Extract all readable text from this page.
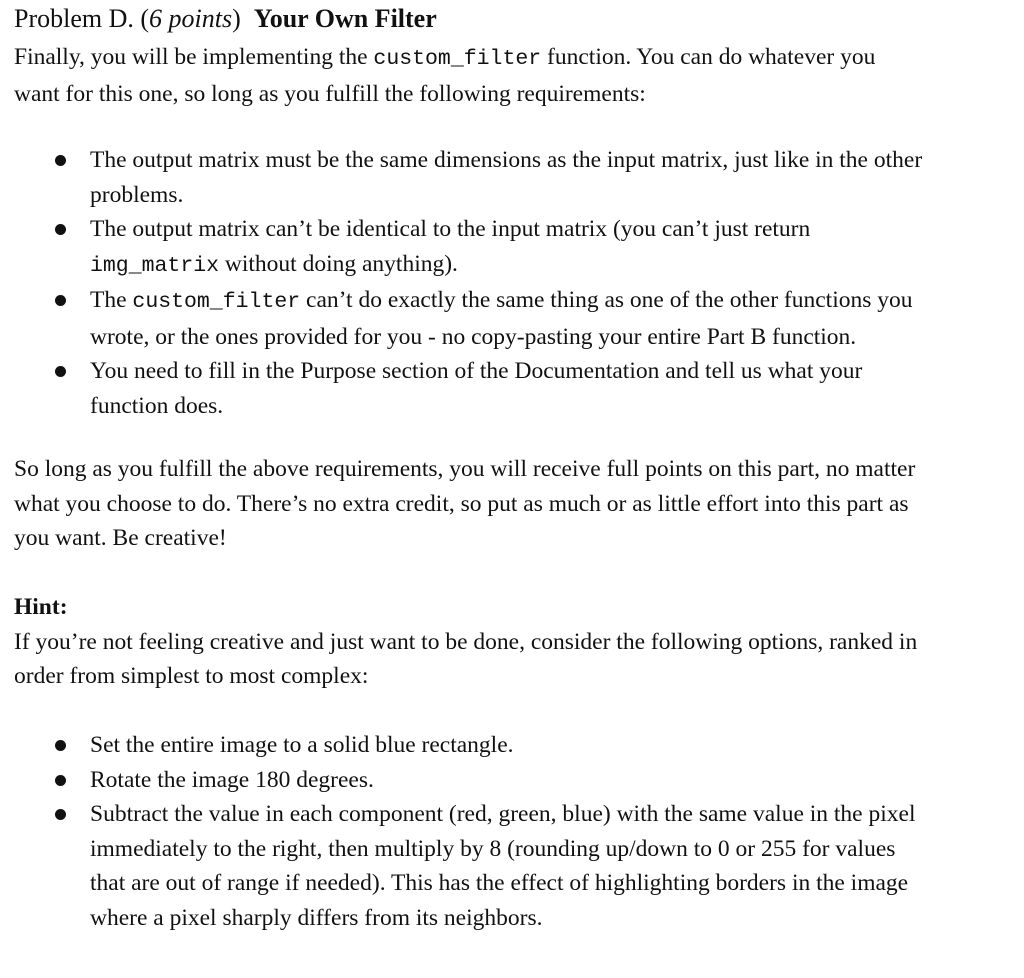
Problem D. (6 points) Your Own Filter
Finally, you will be implementing the custom_filter function. You can do whatever you
want for this one, so long as you fulfill the following requirements:
The output matrix must be the same dimensions as the input matrix, just like in the other
problems.
The output matrix can’t be identical to the input matrix (you can’t just return
img_matrix without doing anything).
The custom_filter can’t do exactly the same thing as one of the other functions you
wrote, or the ones provided for you - no copy-pasting your entire Part B function.
You need to fill in the Purpose section of the Documentation and tell us what your
function does.
So long as you fulfill the above requirements, you will receive full points on this part, no matter
what you choose to do. There’s no extra credit, so put as much or as little effort into this part as
you want. Be creative!
Hint:
If you’re not feeling creative and just want to be done, consider the following options, ranked in
order from simplest to most complex:
Set the entire image to a solid blue rectangle.
Rotate the image 180 degrees.
Subtract the value in each component (red, green, blue) with the same value in the pixel
immediately to the right, then multiply by 8 (rounding up/down to 0 or 255 for values
that are out of range if needed). This has the effect of highlighting borders in the image
where a pixel sharply differs from its neighbors.
